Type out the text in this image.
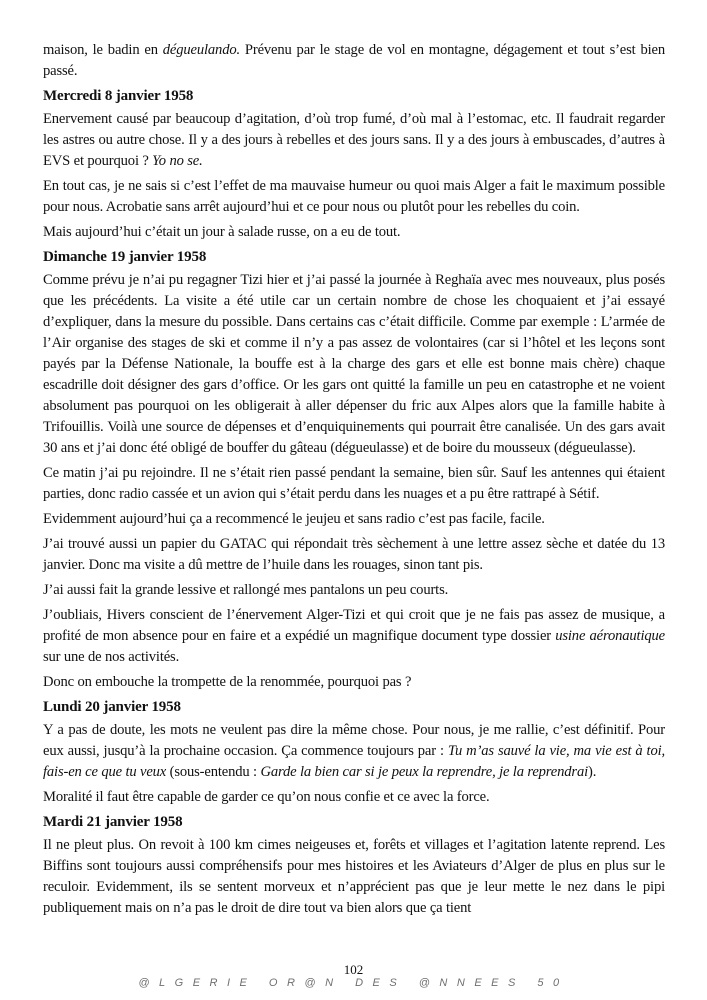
maison, le badin en dégueulando. Prévenu par le stage de vol en montagne, dégagement et tout s’est bien passé.

Mercredi 8 janvier 1958

Enervement causé par beaucoup d’agitation, d’où trop fumé, d’où mal à l’estomac, etc. Il faudrait regarder les astres ou autre chose. Il y a des jours à rebelles et des jours sans. Il y a des jours à embuscades, d’autres à EVS et pourquoi ? Yo no se.

En tout cas, je ne sais si c’est l’effet de ma mauvaise humeur ou quoi mais Alger a fait le maximum possible pour nous. Acrobatie sans arrêt aujourd’hui et ce pour nous ou plutôt pour les rebelles du coin.

Mais aujourd’hui c’était un jour à salade russe, on a eu de tout.

Dimanche 19 janvier 1958

Comme prévu je n’ai pu regagner Tizi hier et j’ai passé la journée à Reghaïa avec mes nouveaux, plus posés que les précédents. La visite a été utile car un certain nombre de chose les choquaient et j’ai essayé d’expliquer, dans la mesure du possible. Dans certains cas c’était difficile. Comme par exemple : L’armée de l’Air organise des stages de ski et comme il n’y a pas assez de volontaires (car si l’hôtel et les leçons sont payés par la Défense Nationale, la bouffe est à la charge des gars et elle est bonne mais chère) chaque escadrille doit désigner des gars d’office. Or les gars ont quitté la famille un peu en catastrophe et ne voient absolument pas pourquoi on les obligerait à aller dépenser du fric aux Alpes alors que la famille habite à Trifouillis. Voilà une source de dépenses et d’enquiquinements qui pourrait être canalisée. Un des gars avait 30 ans et j’ai donc été obligé de bouffer du gâteau (dégueulasse) et de boire du mousseux (dégueulasse).

Ce matin j’ai pu rejoindre. Il ne s’était rien passé pendant la semaine, bien sûr. Sauf les antennes qui étaient parties, donc radio cassée et un avion qui s’était perdu dans les nuages et a pu être rattrapé à Sétif.

Evidemment aujourd’hui ça a recommencé le jeujeu et sans radio c’est pas facile, facile.

J’ai trouvé aussi un papier du GATAC qui répondait très sèchement à une lettre assez sèche et datée du 13 janvier. Donc ma visite a dû mettre de l’huile dans les rouages, sinon tant pis.

J’ai aussi fait la grande lessive et rallongé mes pantalons un peu courts.

J’oubliais, Hivers conscient de l’énervement Alger-Tizi et qui croit que je ne fais pas assez de musique, a profité de mon absence pour en faire et a expédié un magnifique document type dossier usine aéronautique sur une de nos activités.

Donc on embouche la trompette de la renommée, pourquoi pas ?

Lundi 20 janvier 1958

Y a pas de doute, les mots ne veulent pas dire la même chose. Pour nous, je me rallie, c’est définitif. Pour eux aussi, jusqu’à la prochaine occasion. Ça commence toujours par : Tu m’as sauvé la vie, ma vie est à toi, fais-en ce que tu veux (sous-entendu : Garde la bien car si je peux la reprendre, je la reprendrai).

Moralité il faut être capable de garder ce qu’on nous confie et ce avec la force.

Mardi 21 janvier 1958

Il ne pleut plus. On revoit à 100 km cimes neigeuses et, forêts et villages et l’agitation latente reprend. Les Biffins sont toujours aussi compréhensifs pour mes histoires et les Aviateurs d’Alger de plus en plus sur le reculoir. Evidemment, ils se sentent morveux et n’apprécient pas que je leur mette le nez dans le pipi publiquement mais on n’a pas le droit de dire tout va bien alors que ça tient

102
@LGERIE OR@N DES @NNEES 50
